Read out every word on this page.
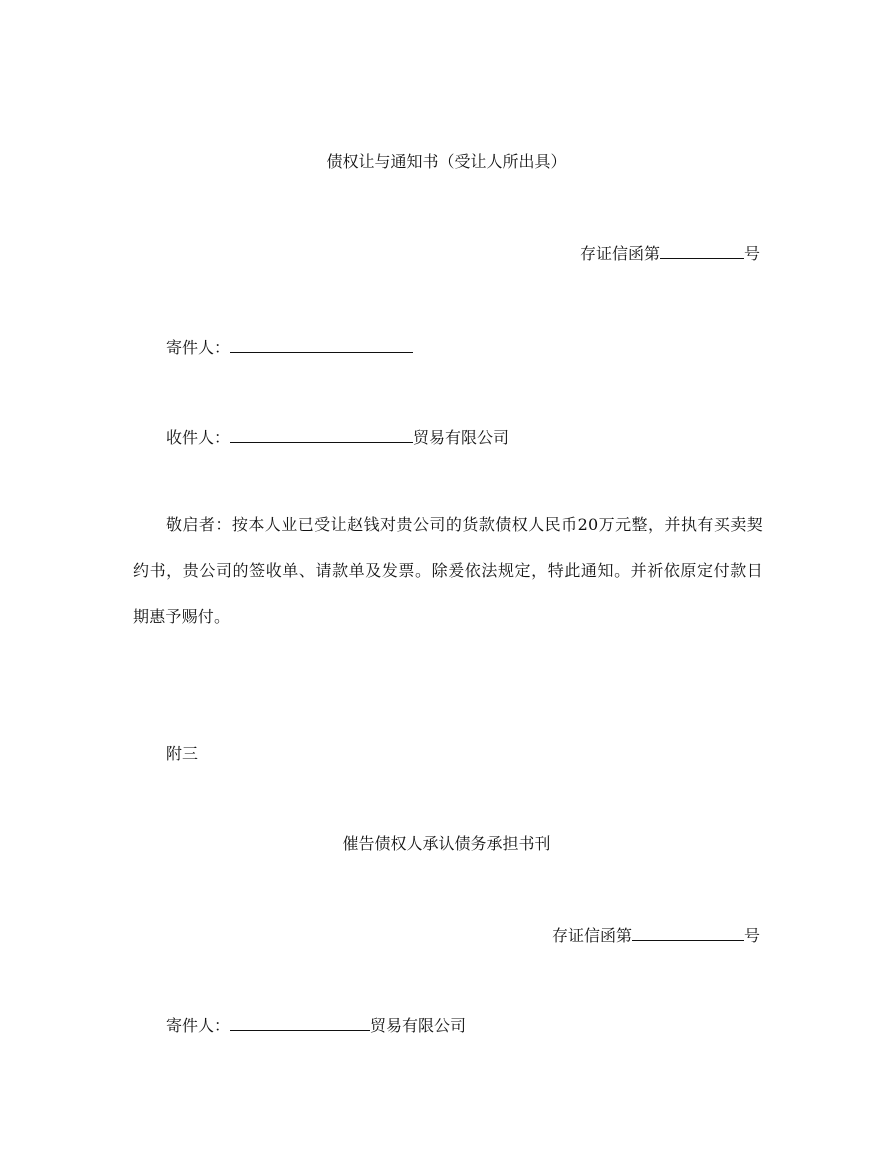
债权让与通知书（受让人所出具）
存证信函第	号
寄件人：
收件人：	贸易有限公司
敬启者：按本人业已受让赵钱对贵公司的货款债权人民币20万元整，并执有买卖契约书，贵公司的签收单、请款单及发票。除爰依法规定，特此通知。并祈依原定付款日期惠予赐付。
附三
催告债权人承认债务承担书刊
存证信函第	号
寄件人：	贸易有限公司
